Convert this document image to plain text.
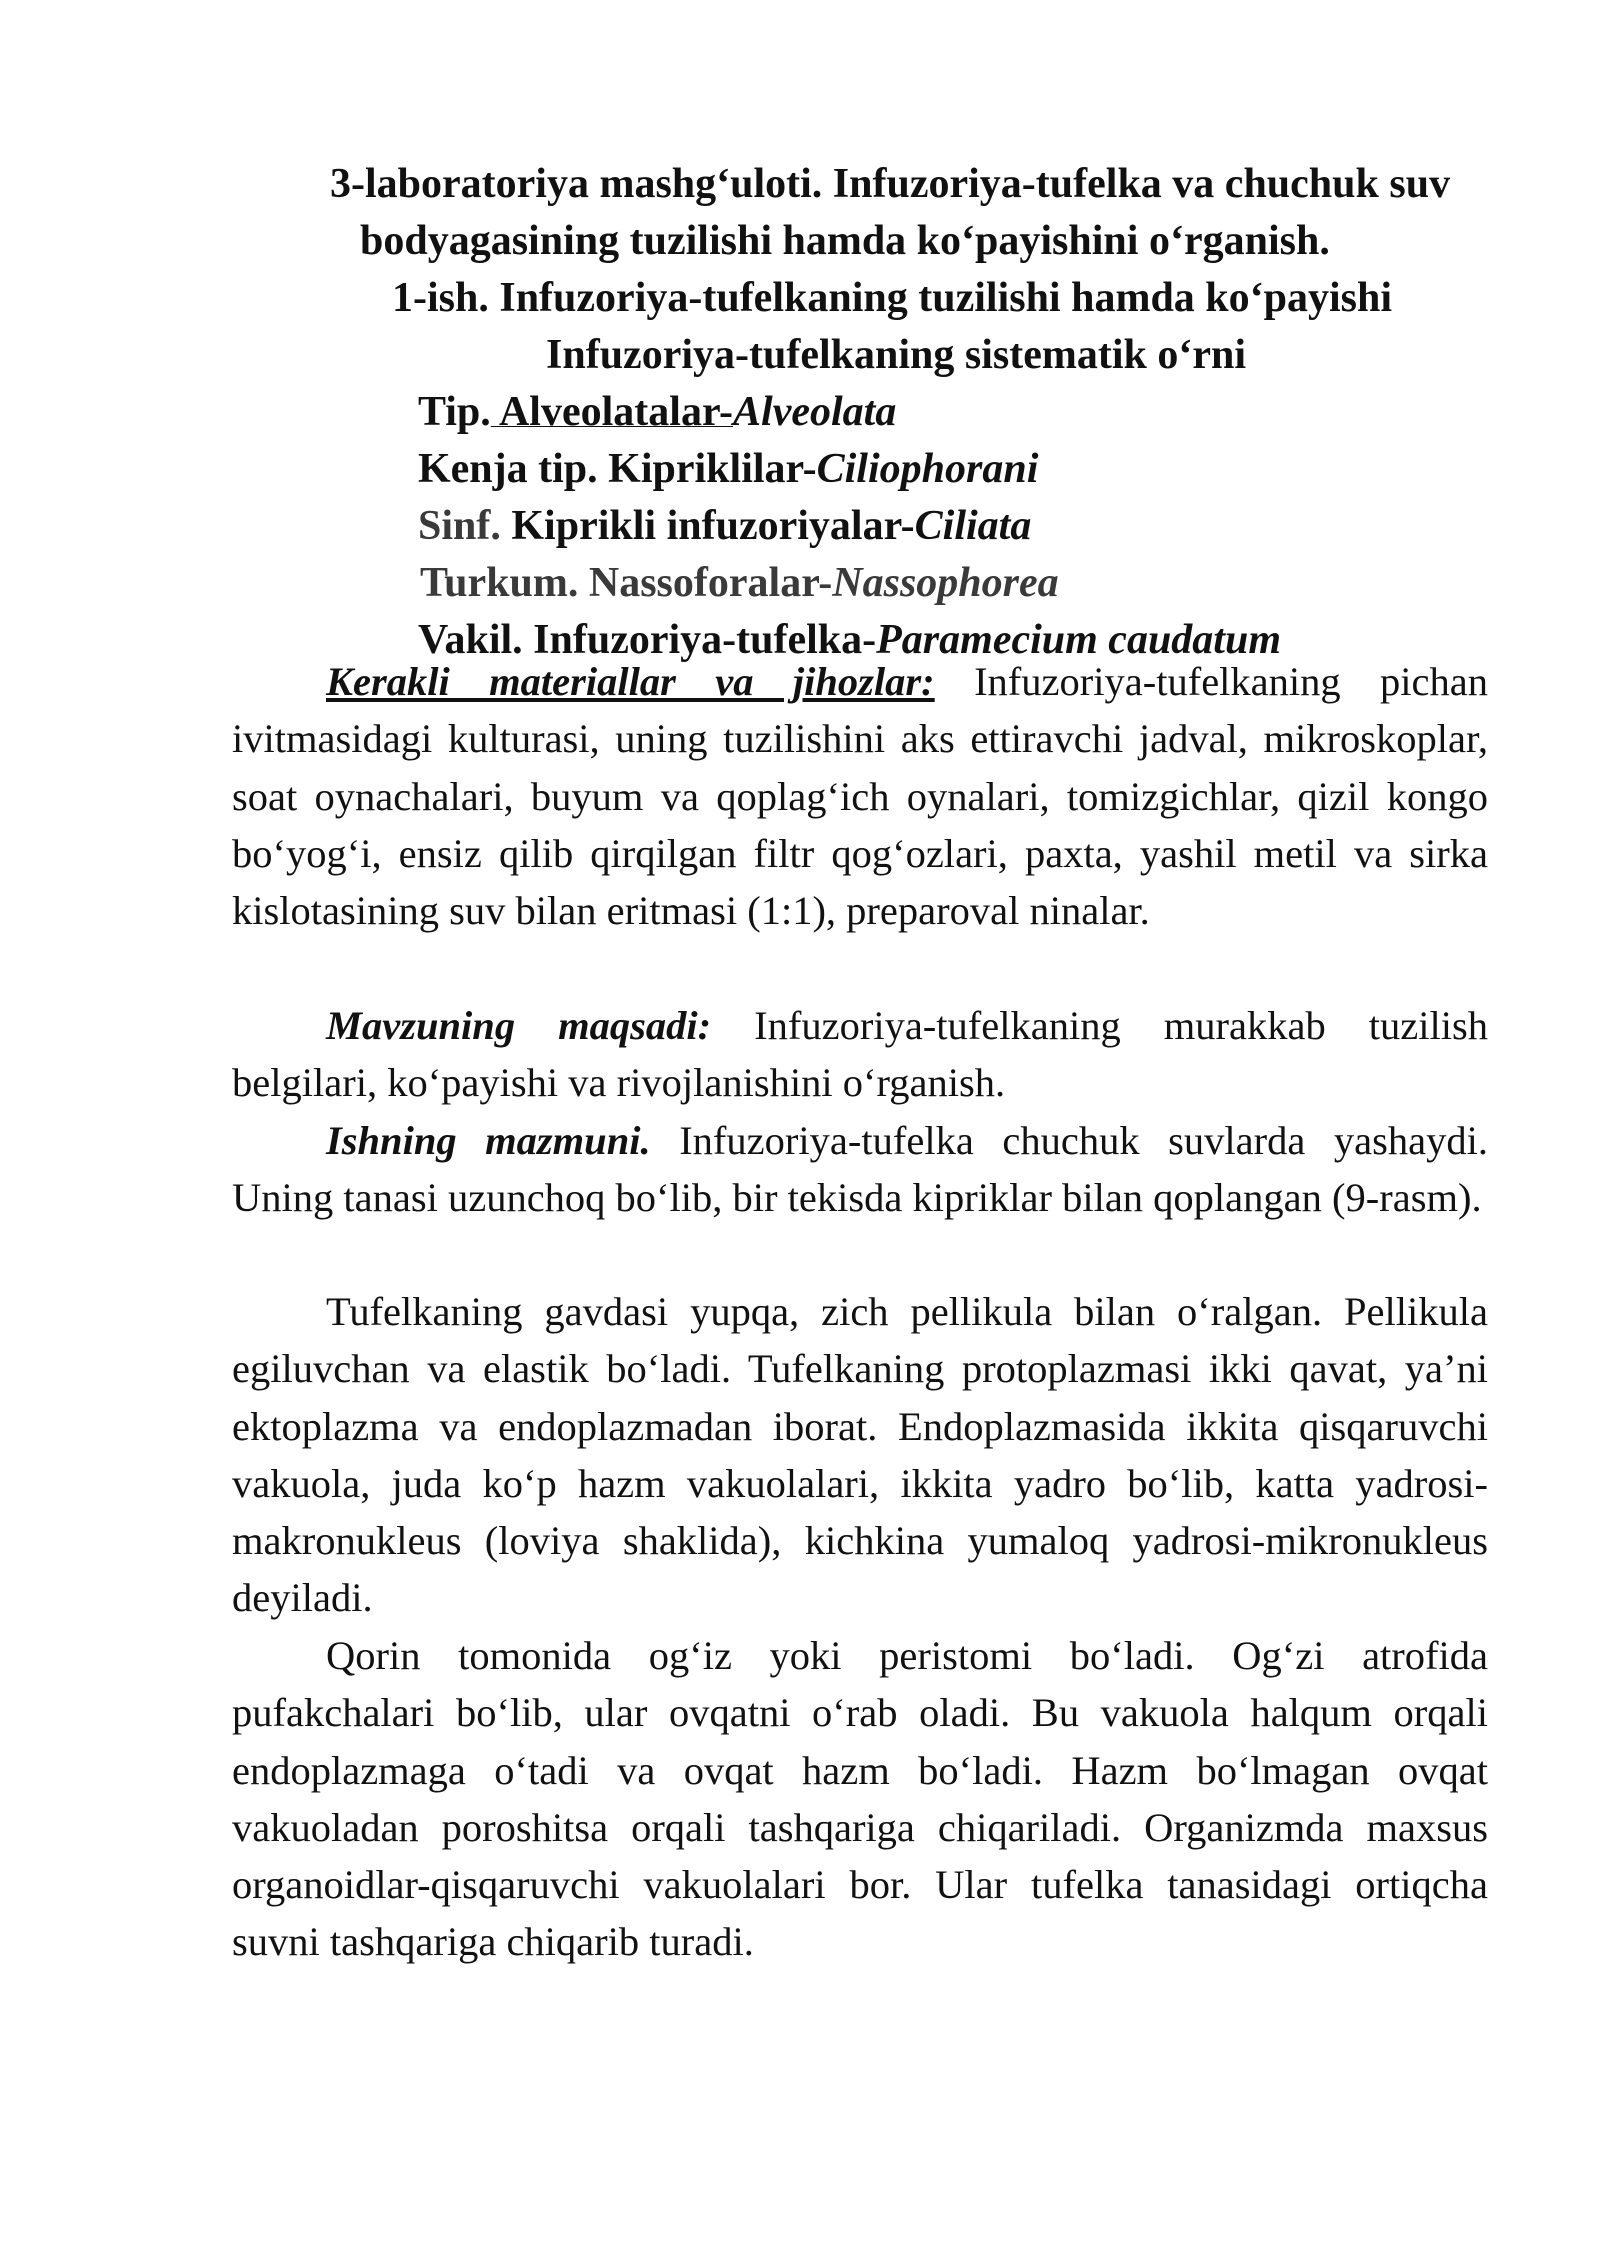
3-laboratoriya mashg‘uloti. Infuzoriya-tufelka va chuchuk suv
bodyagasining tuzilishi hamda ko‘payishini o‘rganish.
1-ish. Infuzoriya-tufelkaning tuzilishi hamda ko‘payishi
Infuzoriya-tufelkaning sistematik o‘rni
Tip. Alveolatalar-Alveolata
Kenja tip. Kipriklilar-Ciliophorani
Sinf. Kiprikli infuzoriyalar-Ciliata
Turkum. Nassoforalar-Nassophorea
Vakil. Infuzoriya-tufelka-Paramecium caudatum
Kerakli materiallar va jihozlar: Infuzoriya-tufelkaning pichan ivitmasidagi kulturasi, uning tuzilishini aks ettiravchi jadval, mikroskoplar, soat oynachalari, buyum va qoplag‘ich oynalari, tomizgichlar, qizil kongo bo‘yog‘i, ensiz qilib qirqilgan filtr qog‘ozlari, paxta, yashil metil va sirka kislotasining suv bilan eritmasi (1:1), preparoval ninalar.
Mavzuning maqsadi: Infuzoriya-tufelkaning murakkab tuzilish belgilari, ko‘payishi va rivojlanishini o‘rganish.
Ishning mazmuni. Infuzoriya-tufelka chuchuk suvlarda yashaydi. Uning tanasi uzunchoq bo‘lib, bir tekisda kipriklar bilan qoplangan (9-rasm).
Tufelkaning gavdasi yupqa, zich pellikula bilan o‘ralgan. Pellikula egiluvchan va elastik bo‘ladi. Tufelkaning protoplazmasi ikki qavat, ya’ni ektoplazma va endoplazmadan iborat. Endoplazmasida ikkita qisqaruvchi vakuola, juda ko‘p hazm vakuolalari, ikkita yadro bo‘lib, katta yadrosi-makronukleus (loviya shaklida), kichkina yumaloq yadrosi-mikronukleus deyiladi.
Qorin tomonida og‘iz yoki peristomi bo‘ladi. Og‘zi atrofida pufakchalari bo‘lib, ular ovqatni o‘rab oladi. Bu vakuola halqum orqali endoplazmaga o‘tadi va ovqat hazm bo‘ladi. Hazm bo‘lmagan ovqat vakuoladan poroshitsa orqali tashqariga chiqariladi. Organizmda maxsus organoidlar-qisqaruvchi vakuolalari bor. Ular tufelka tanasidagi ortiqcha suvni tashqariga chiqarib turadi.
